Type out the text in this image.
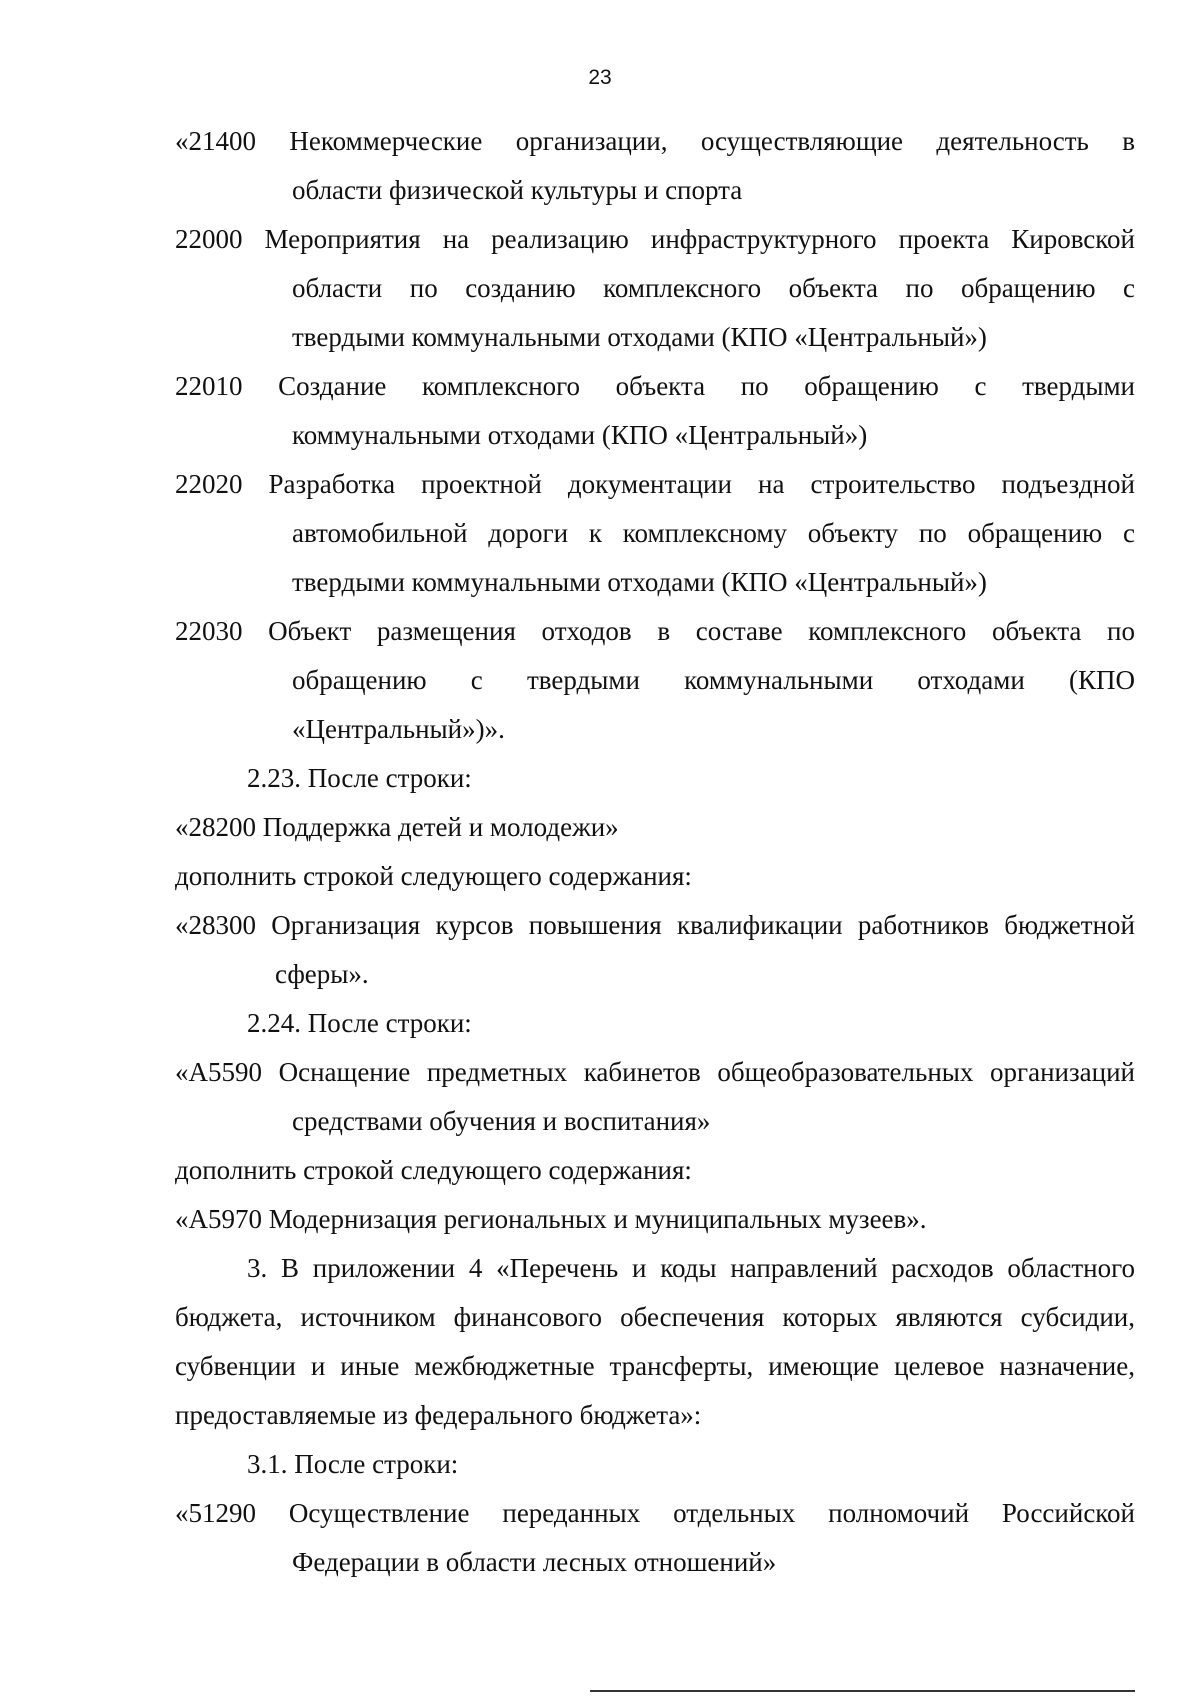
23
«21400 Некоммерческие организации, осуществляющие деятельность в
области физической культуры и спорта
22000 Мероприятия на реализацию инфраструктурного проекта Кировской
области по созданию комплексного объекта по обращению с
твердыми коммунальными отходами (КПО «Центральный»)
22010 Создание комплексного объекта по обращению с твердыми
коммунальными отходами (КПО «Центральный»)
22020 Разработка проектной документации на строительство подъездной
автомобильной дороги к комплексному объекту по обращению с
твердыми коммунальными отходами (КПО «Центральный»)
22030 Объект размещения отходов в составе комплексного объекта по
обращению с твердыми коммунальными отходами (КПО
«Центральный»)».
2.23. После строки:
«28200 Поддержка детей и молодежи»
дополнить строкой следующего содержания:
«28300 Организация курсов повышения квалификации работников бюджетной
сферы».
2.24. После строки:
«А5590 Оснащение предметных кабинетов общеобразовательных организаций
средствами обучения и воспитания»
дополнить строкой следующего содержания:
«А5970 Модернизация региональных и муниципальных музеев».
3. В приложении 4 «Перечень и коды направлений расходов областного
бюджета, источником финансового обеспечения которых являются субсидии,
субвенции и иные межбюджетные трансферты, имеющие целевое назначение,
предоставляемые из федерального бюджета»:
3.1. После строки:
«51290 Осуществление переданных отдельных полномочий Российской
Федерации в области лесных отношений»
